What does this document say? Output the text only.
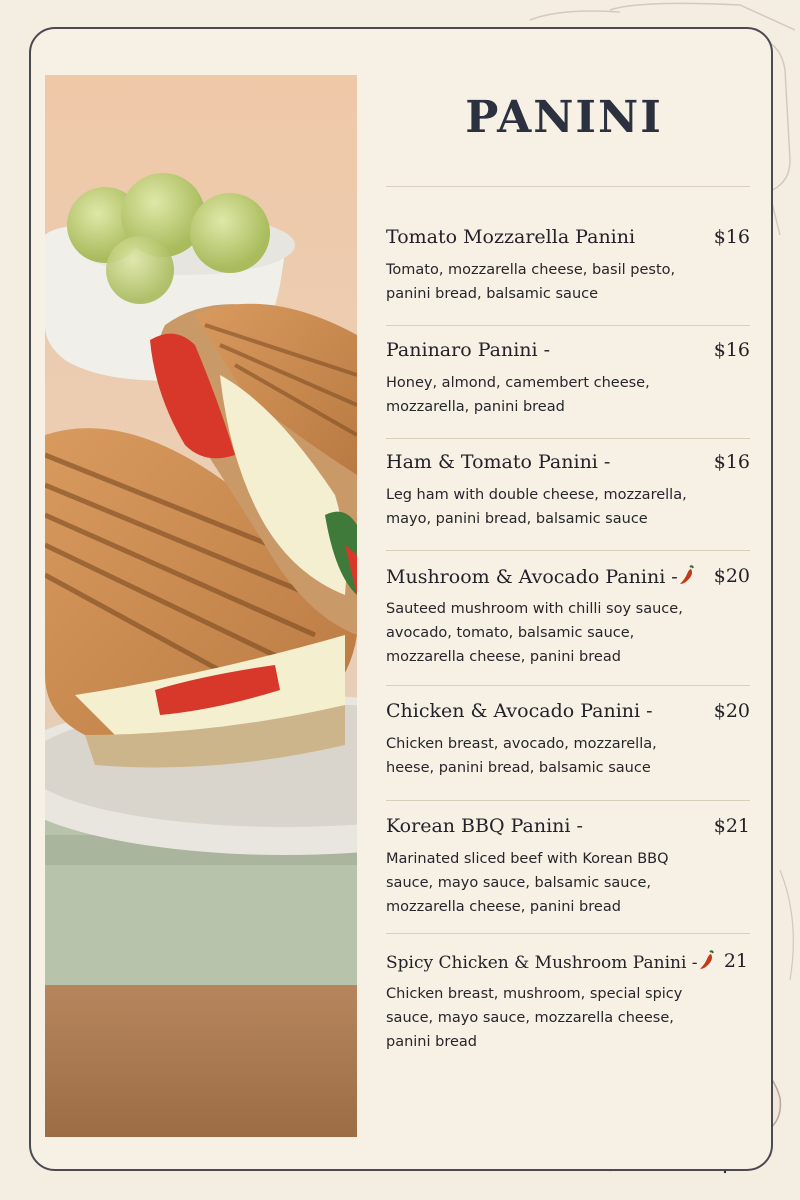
PANINI
Tomato Mozzarella Panini	$16
Tomato, mozzarella cheese, basil pesto,
panini bread, balsamic sauce
Paninaro Panini -	$16
Honey, almond, camembert cheese,
mozzarella, panini bread
Ham & Tomato Panini -	$16
Leg ham with double cheese, mozzarella,
mayo, panini bread, balsamic sauce
Mushroom & Avocado Panini -	$20
Sauteed mushroom with chilli soy sauce,
avocado, tomato, balsamic sauce,
mozzarella cheese, panini bread
Chicken & Avocado Panini -	$20
Chicken breast, avocado, mozzarella,
heese, panini bread, balsamic sauce
Korean BBQ Panini -	$21
Marinated sliced beef with Korean BBQ
sauce, mayo sauce, balsamic sauce,
mozzarella cheese, panini bread
Spicy Chicken & Mushroom Panini -	21
Chicken breast, mushroom, special spicy
sauce, mayo sauce, mozzarella cheese,
panini bread
